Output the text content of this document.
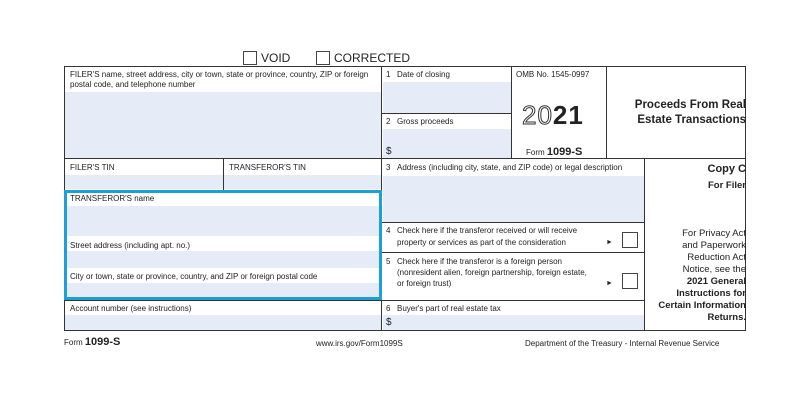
VOID	CORRECTED
FILER'S name, street address, city or town, state or province, country, ZIP or foreign postal code, and telephone number
1 Date of closing
2 Gross proceeds
$
OMB No. 1545-0997
2021
Form 1099-S
Proceeds From Real
Estate Transactions
FILER'S TIN	TRANSFEROR'S TIN	3 Address (including city, state, and ZIP code) or legal description	Copy C
For Filer
TRANSFEROR'S name
Street address (including apt. no.)
City or town, state or province, country, and ZIP or foreign postal code
4 Check here if the transferor received or will receive
property or services as part of the consideration	►
5 Check here if the transferor is a foreign person
(nonresident alien, foreign partnership, foreign estate,
or foreign trust)	►
For Privacy Act
and Paperwork
Reduction Act
Notice, see the
2021 General
Instructions for
Certain Information
Returns.
Account number (see instructions)	6 Buyer's part of real estate tax
$
Form 1099-S	www.irs.gov/Form1099S	Department of the Treasury - Internal Revenue Service
